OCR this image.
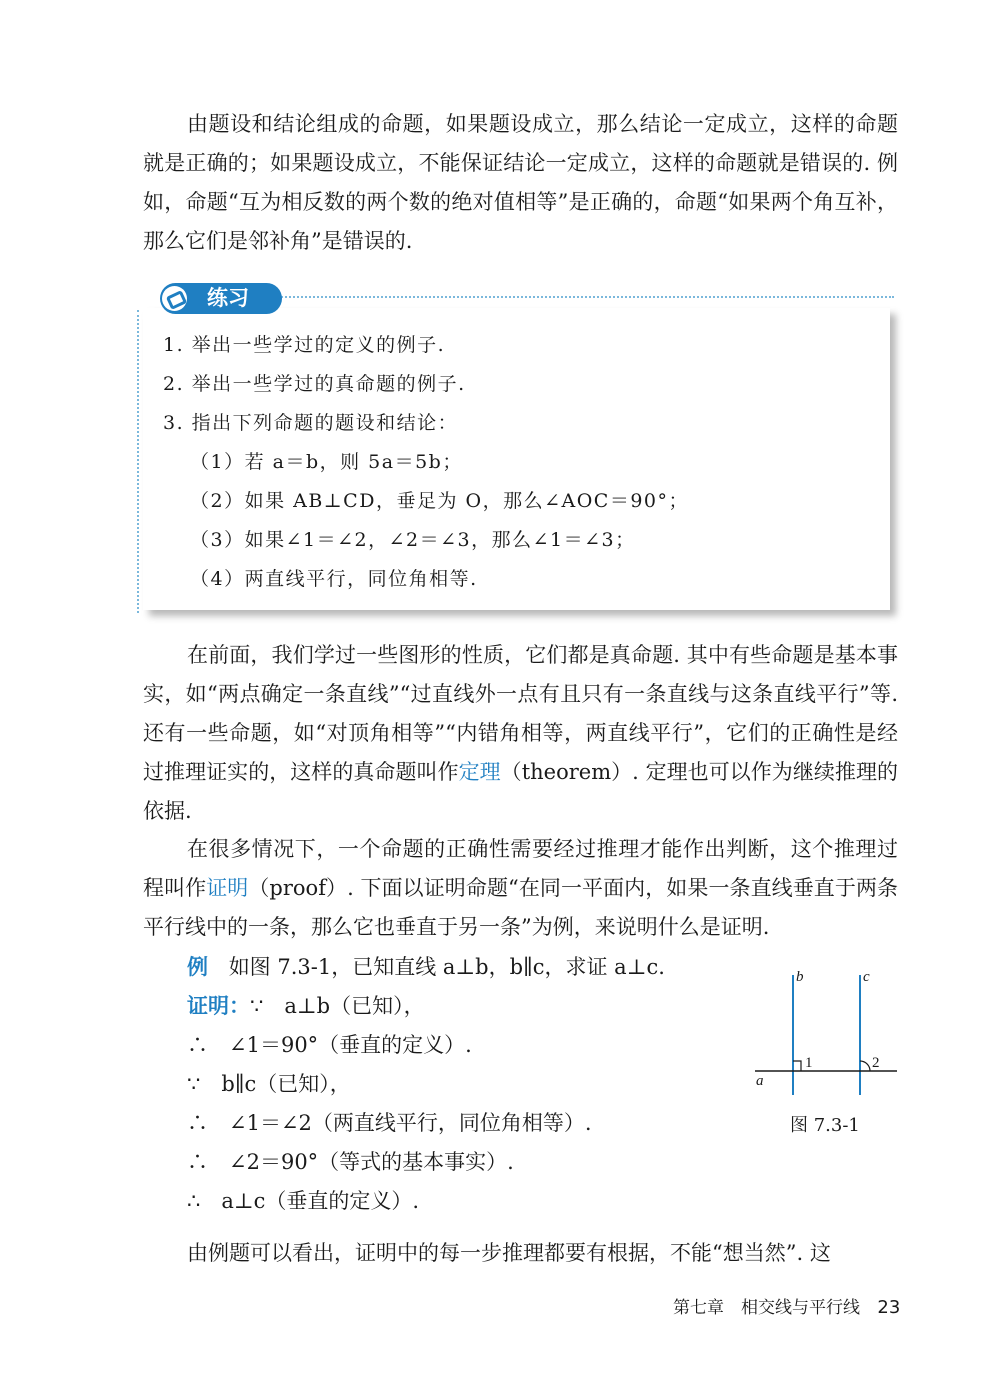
由题设和结论组成的命题，如果题设成立，那么结论一定成立，这样的命题就是正确的；如果题设成立，不能保证结论一定成立，这样的命题就是错误的. 例如，命题“互为相反数的两个数的绝对值相等”是正确的，命题“如果两个角互补，那么它们是邻补角”是错误的.

练习
1. 举出一些学过的定义的例子.
2. 举出一些学过的真命题的例子.
3. 指出下列命题的题设和结论：
（1）若 a＝b，则 5a＝5b；
（2）如果 AB⊥CD，垂足为 O，那么∠AOC＝90°；
（3）如果∠1＝∠2，∠2＝∠3，那么∠1＝∠3；
（4）两直线平行，同位角相等.

在前面，我们学过一些图形的性质，它们都是真命题. 其中有些命题是基本事实，如“两点确定一条直线”“过直线外一点有且只有一条直线与这条直线平行”等. 还有一些命题，如“对顶角相等”“内错角相等，两直线平行”，它们的正确性是经过推理证实的，这样的真命题叫作定理（theorem）. 定理也可以作为继续推理的依据.

在很多情况下，一个命题的正确性需要经过推理才能作出判断，这个推理过程叫作证明（proof）. 下面以证明命题“在同一平面内，如果一条直线垂直于两条平行线中的一条，那么它也垂直于另一条”为例，来说明什么是证明.

例 如图 7.3-1，已知直线 a⊥b，b∥c，求证 a⊥c.
证明：∵　a⊥b（已知），
∴　∠1＝90°（垂直的定义）.
∵　b∥c（已知），
∴　∠1＝∠2（两直线平行，同位角相等）.
∴　∠2＝90°（等式的基本事实）.
∴　a⊥c（垂直的定义）.
b	c
a
1	2
图 7.3-1

由例题可以看出，证明中的每一步推理都要有根据，不能“想当然”. 这

第七章　相交线与平行线 23
